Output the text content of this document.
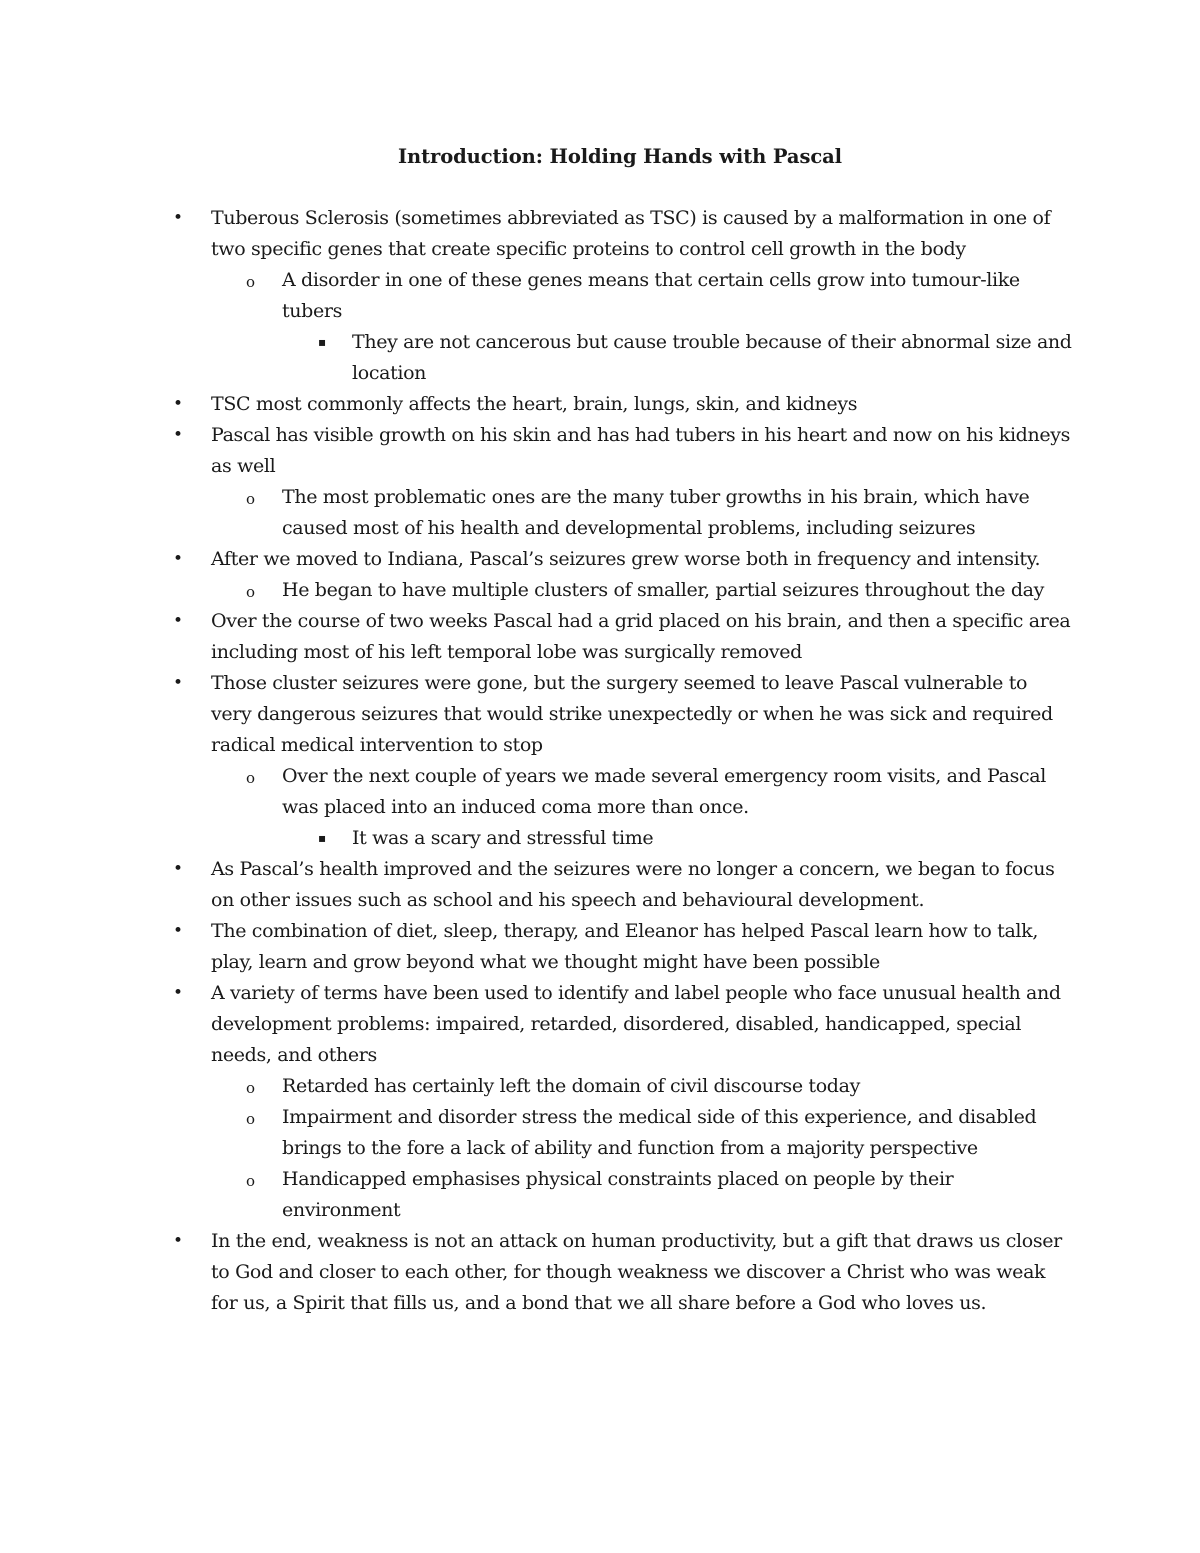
Introduction: Holding Hands with Pascal
• Tuberous Sclerosis (sometimes abbreviated as TSC) is caused by a malformation in one of two specific genes that create specific proteins to control cell growth in the body
o A disorder in one of these genes means that certain cells grow into tumour-like tubers
▪ They are not cancerous but cause trouble because of their abnormal size and location
• TSC most commonly affects the heart, brain, lungs, skin, and kidneys
• Pascal has visible growth on his skin and has had tubers in his heart and now on his kidneys as well
o The most problematic ones are the many tuber growths in his brain, which have caused most of his health and developmental problems, including seizures
• After we moved to Indiana, Pascal’s seizures grew worse both in frequency and intensity.
o He began to have multiple clusters of smaller, partial seizures throughout the day
• Over the course of two weeks Pascal had a grid placed on his brain, and then a specific area including most of his left temporal lobe was surgically removed
• Those cluster seizures were gone, but the surgery seemed to leave Pascal vulnerable to very dangerous seizures that would strike unexpectedly or when he was sick and required radical medical intervention to stop
o Over the next couple of years we made several emergency room visits, and Pascal was placed into an induced coma more than once.
▪ It was a scary and stressful time
• As Pascal’s health improved and the seizures were no longer a concern, we began to focus on other issues such as school and his speech and behavioural development.
• The combination of diet, sleep, therapy, and Eleanor has helped Pascal learn how to talk, play, learn and grow beyond what we thought might have been possible
• A variety of terms have been used to identify and label people who face unusual health and development problems: impaired, retarded, disordered, disabled, handicapped, special needs, and others
o Retarded has certainly left the domain of civil discourse today
o Impairment and disorder stress the medical side of this experience, and disabled brings to the fore a lack of ability and function from a majority perspective
o Handicapped emphasises physical constraints placed on people by their environment
• In the end, weakness is not an attack on human productivity, but a gift that draws us closer to God and closer to each other, for though weakness we discover a Christ who was weak for us, a Spirit that fills us, and a bond that we all share before a God who loves us.
